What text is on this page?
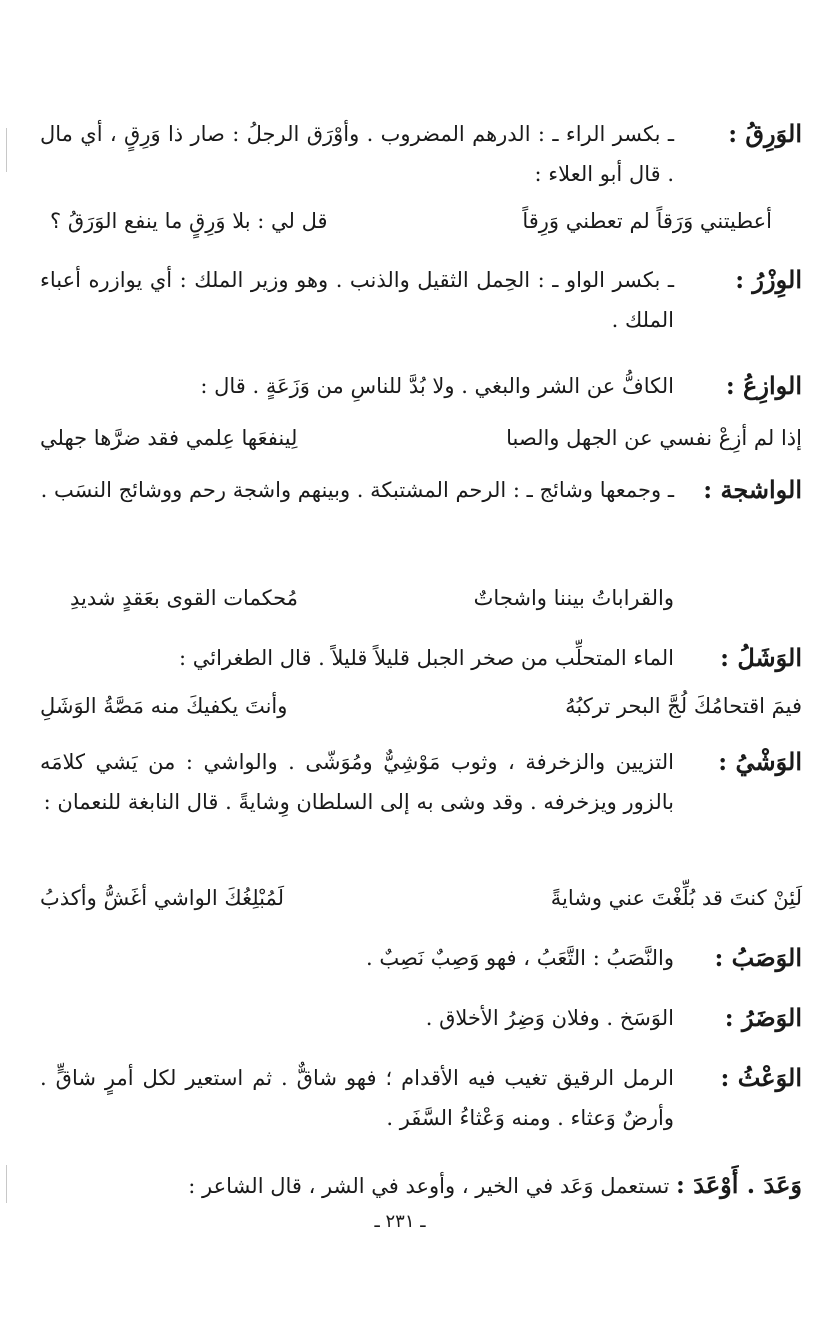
الوَرِقُ :
ـ بكسر الراء ـ : الدرهم المضروب . وأوْرَق الرجلُ : صار ذا وَرِقٍ ، أي مال . قال أبو العلاء :
أعطيتني وَرَقاً لم تعطني وَرِقاً
قل لي : بلا وَرِقٍ ما ينفع الوَرَقُ ؟
الوِزْرُ :
ـ بكسر الواو ـ : الحِمل الثقيل والذنب . وهو وزير الملك : أي يوازره أعباء الملك .
الوازِعُ :
الكافُّ عن الشر والبغي . ولا بُدَّ للناسِ من وَزَعَةٍ . قال :
إذا لم أزِعْ نفسي عن الجهل والصبا
لِينفعَها عِلمي فقد ضرَّها جهلي
الواشجة :
ـ وجمعها وشائج ـ : الرحم المشتبكة . وبينهم واشجة رحم ووشائج النسَب .
والقراباتُ بيننا واشجاتٌ
مُحكمات القوى بعَقدٍ شديدِ
الوَشَلُ :
الماء المتحلِّب من صخر الجبل قليلاً قليلاً . قال الطغرائي :
فيمَ اقتحامُكَ لُجَّ البحر تركبُهُ
وأنتَ يكفيكَ منه مَصَّةُ الوَشَلِ
الوَشْيُ :
التزيين والزخرفة ، وثوب مَوْشِيٌّ ومُوَشّى . والواشي : من يَشي كلامَه بالزور ويزخرفه . وقد وشى به إلى السلطان وِشايةً . قال النابغة للنعمان :
لَئِنْ كنتَ قد بُلِّغْتَ عني وشايةً
لَمُبْلِغُكَ الواشي أغَشُّ وأكذبُ
الوَصَبُ :
والنَّصَبُ : التَّعَبُ ، فهو وَصِبٌ نَصِبٌ .
الوَضَرُ :
الوَسَخ . وفلان وَضِرُ الأخلاق .
الوَعْثُ :
الرمل الرقيق تغيب فيه الأقدام ؛ فهو شاقٌّ . ثم استعير لكل أمرٍ شاقٍّ . وأرضٌ وَعثاء . ومنه وَعْثاءُ السَّفَر .
وَعَدَ . أَوْعَدَ : تستعمل وَعَد في الخير ، وأوعد في الشر ، قال الشاعر :
ـ ٢٣١ ـ
